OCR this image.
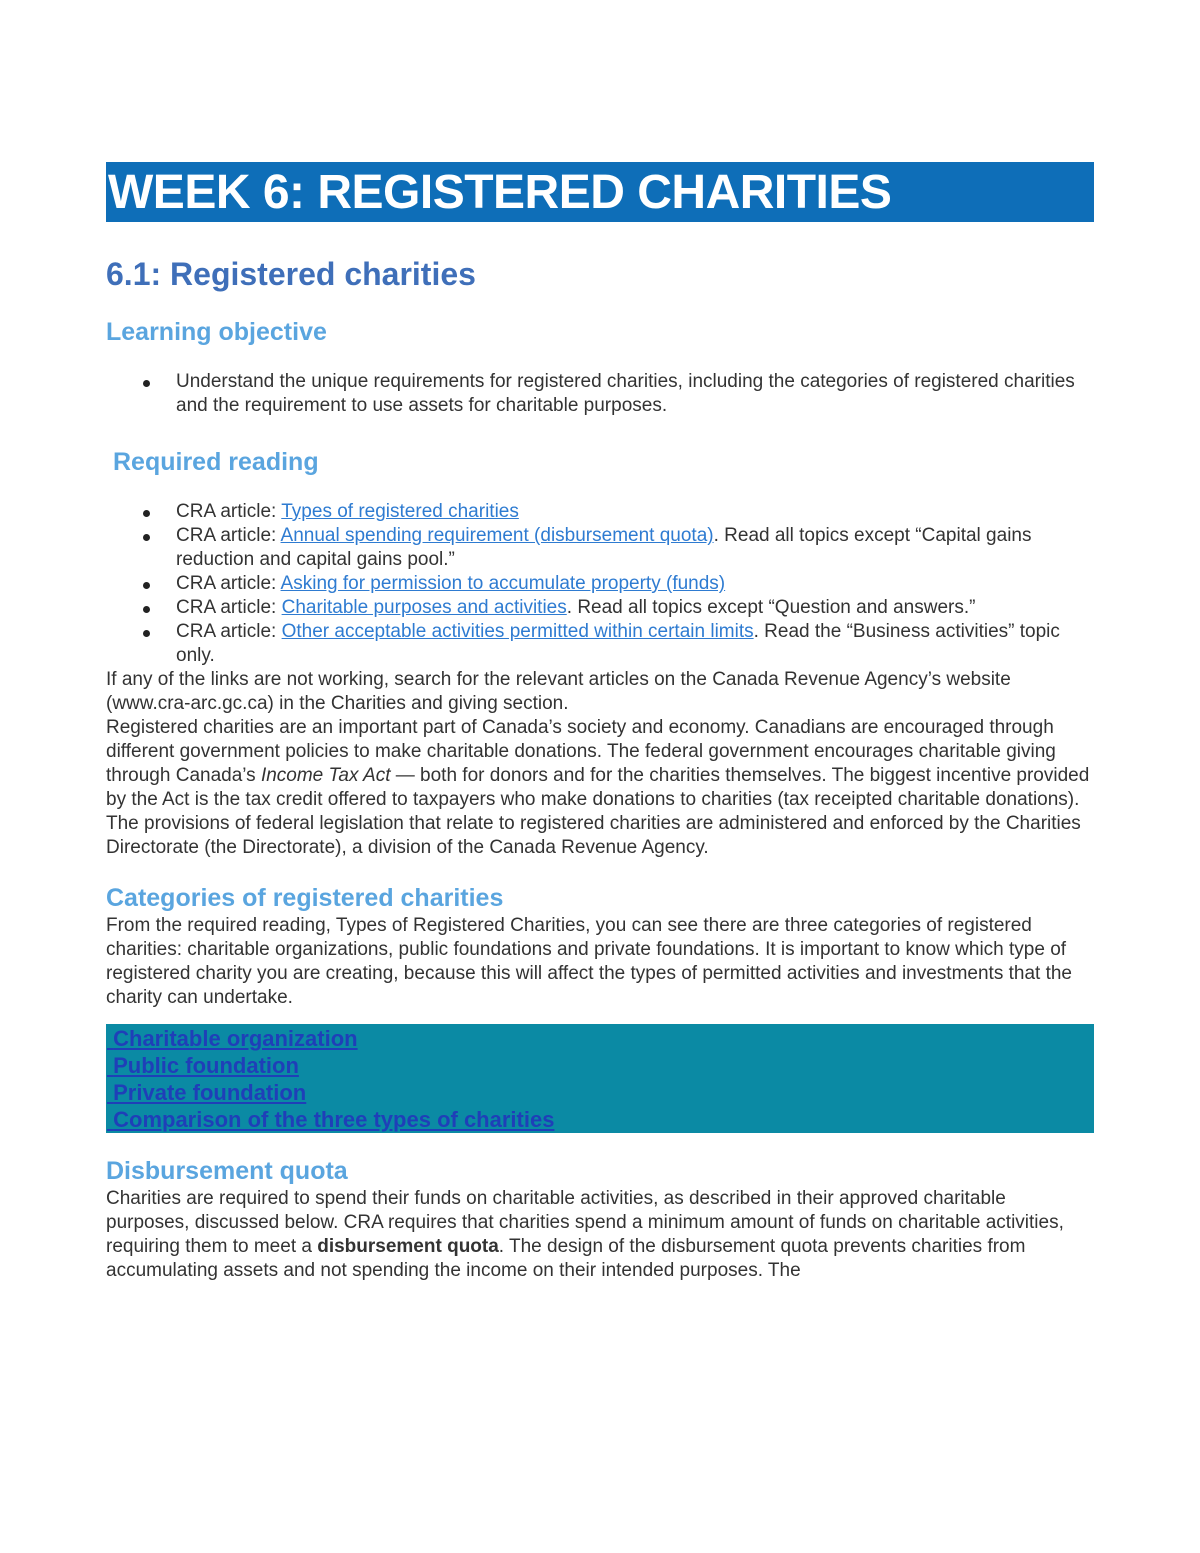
WEEK 6: REGISTERED CHARITIES
6.1: Registered charities
Learning objective
Understand the unique requirements for registered charities, including the categories of registered charities and the requirement to use assets for charitable purposes.
Required reading
CRA article: Types of registered charities
CRA article: Annual spending requirement (disbursement quota). Read all topics except “Capital gains reduction and capital gains pool.”
CRA article: Asking for permission to accumulate property (funds)
CRA article: Charitable purposes and activities. Read all topics except “Question and answers.”
CRA article: Other acceptable activities permitted within certain limits. Read the “Business activities” topic only.

If any of the links are not working, search for the relevant articles on the Canada Revenue Agency’s website (www.cra-arc.gc.ca) in the Charities and giving section.

Registered charities are an important part of Canada’s society and economy. Canadians are encouraged through different government policies to make charitable donations. The federal government encourages charitable giving through Canada’s Income Tax Act — both for donors and for the charities themselves. The biggest incentive provided by the Act is the tax credit offered to taxpayers who make donations to charities (tax receipted charitable donations). The provisions of federal legislation that relate to registered charities are administered and enforced by the Charities Directorate (the Directorate), a division of the Canada Revenue Agency.

Categories of registered charities

From the required reading, Types of Registered Charities, you can see there are three categories of registered charities: charitable organizations, public foundations and private foundations. It is important to know which type of registered charity you are creating, because this will affect the types of permitted activities and investments that the charity can undertake.

Charitable organization
Public foundation
Private foundation
Comparison of the three types of charities
Disbursement quota

Charities are required to spend their funds on charitable activities, as described in their approved charitable purposes, discussed below. CRA requires that charities spend a minimum amount of funds on charitable activities, requiring them to meet a disbursement quota. The design of the disbursement quota prevents charities from accumulating assets and not spending the income on their intended purposes. The
